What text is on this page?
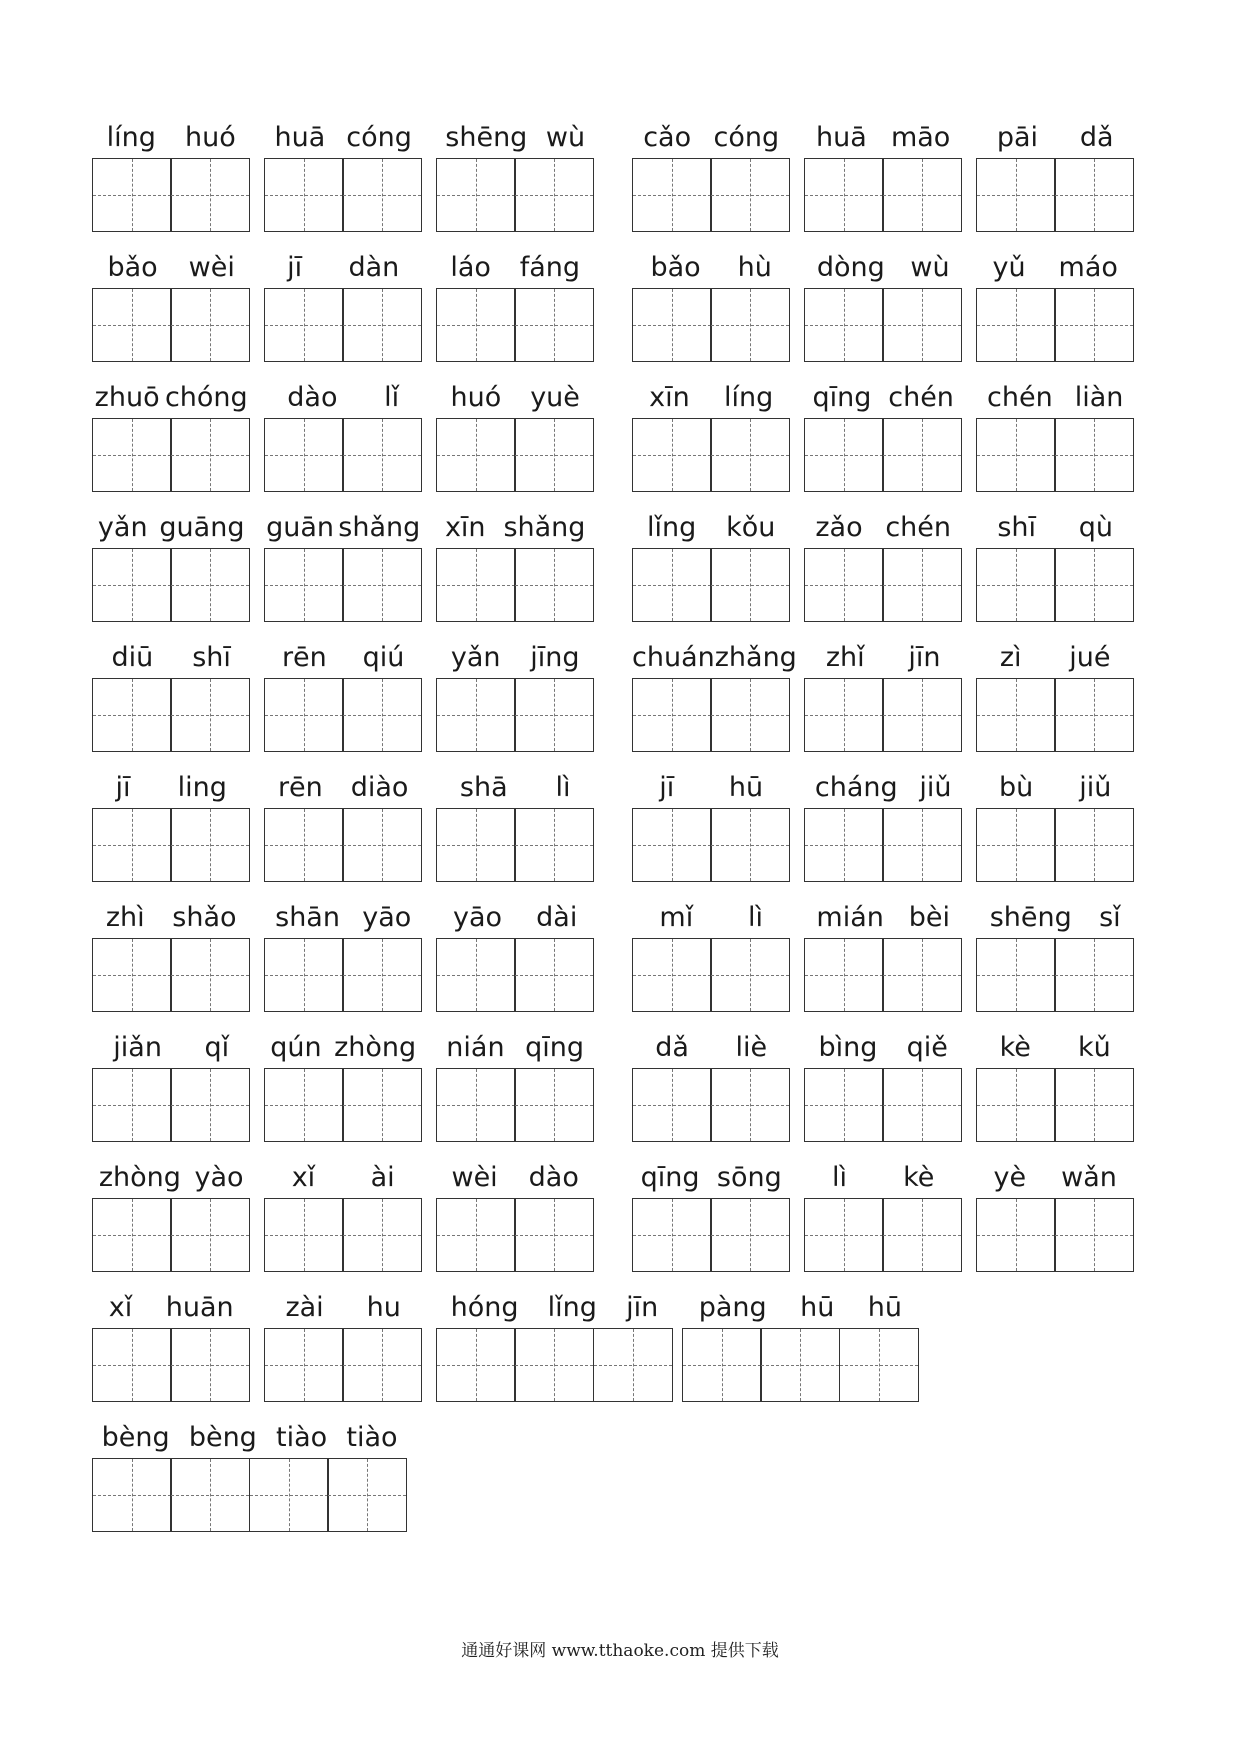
líng huó huā cóng shēng wù cǎo cóng huā māo pāi dǎ
bǎo wèi jī dàn láo fáng	bǎo hù dòng wù yǔ máo
zhuō chóng dào lǐ huó yuè	xīn líng qīng chén chén liàn
yǎn guāng guān shǎng xīn shǎng lǐng kǒu zǎo chén shī qù
diū shī rēn qiú yǎn jīng chuán zhǎng zhǐ jīn zì jué
jī ling rēn diào shā lì	jī hū cháng jiǔ bù jiǔ
zhì shǎo shān yāo yāo dài	mǐ lì mián bèi shēng sǐ
jiǎn qǐ qún zhòng nián qīng	dǎ liè bìng qiě kè kǔ
zhòng yào xǐ ài wèi dào qīng sōng lì kè yè wǎn
xǐ huān zài hu hóng lǐng jīn pàng hū hū
bèng bèng tiào tiào
通通好课网 www.tthaoke.com 提供下载
